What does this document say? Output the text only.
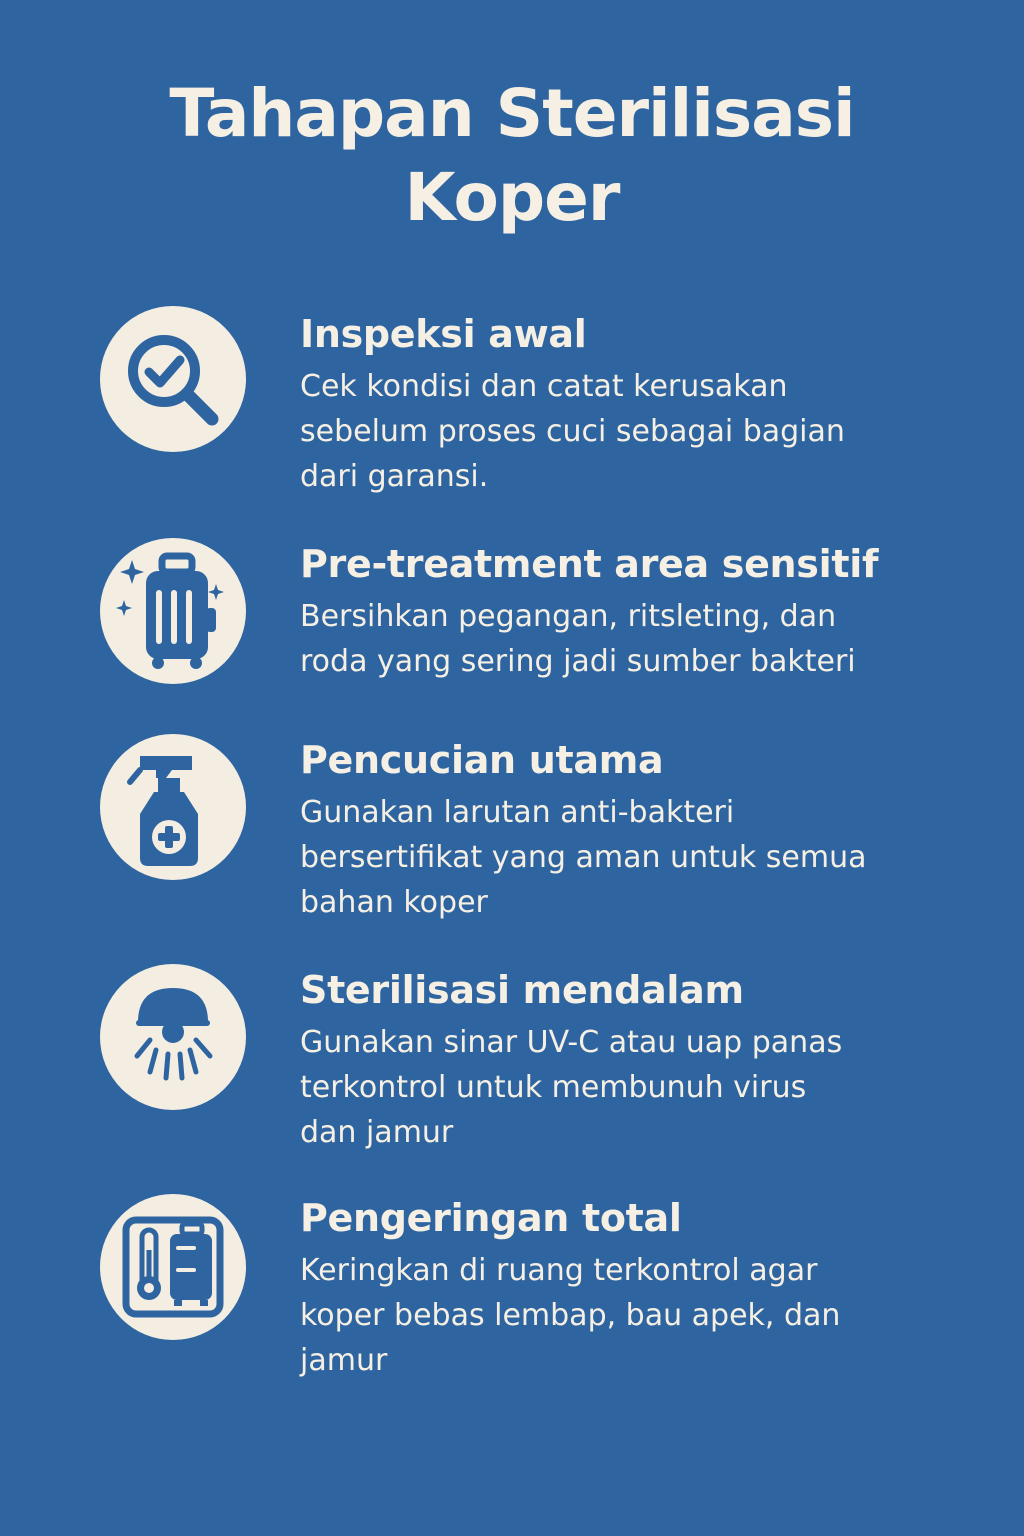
Tahapan Sterilisasi
Koper
Inspeksi awal
Cek kondisi dan catat kerusakan
sebelum proses cuci sebagai bagian
dari garansi.
Pre-treatment area sensitif
Bersihkan pegangan, ritsleting, dan
roda yang sering jadi sumber bakteri
Pencucian utama
Gunakan larutan anti-bakteri
bersertifikat yang aman untuk semua
bahan koper
Sterilisasi mendalam
Gunakan sinar UV-C atau uap panas
terkontrol untuk membunuh virus
dan jamur
Pengeringan total
Keringkan di ruang terkontrol agar
koper bebas lembap, bau apek, dan
jamur
